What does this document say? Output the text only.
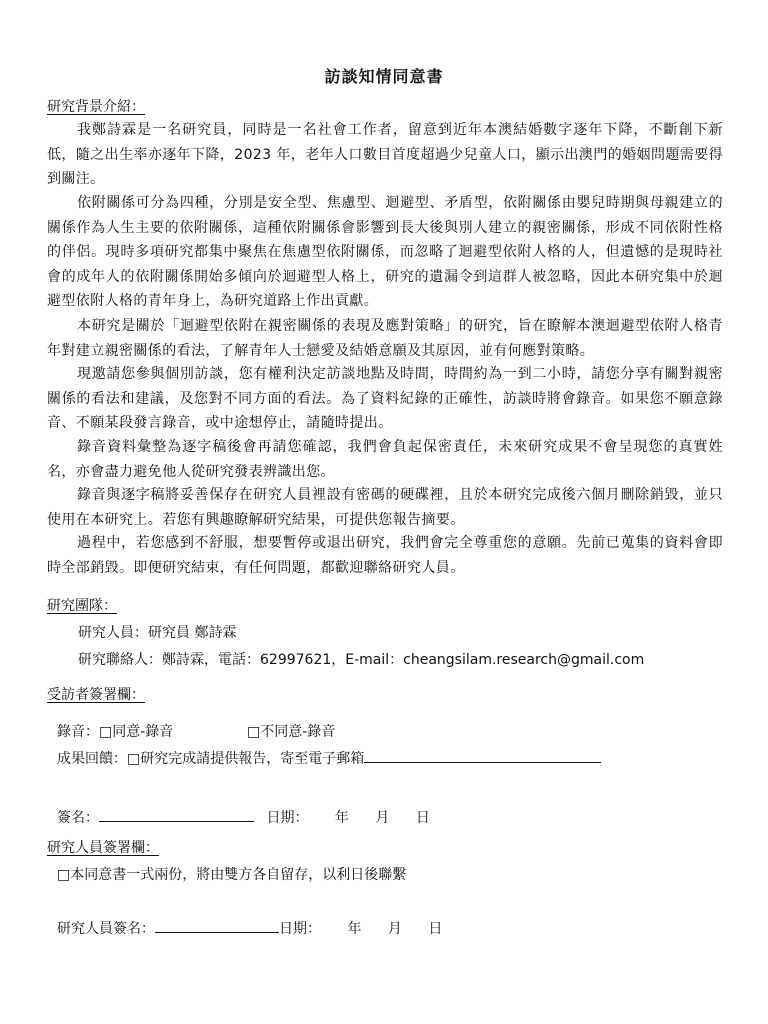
訪談知情同意書
研究背景介紹：
我鄭詩霖是一名研究員，同時是一名社會工作者，留意到近年本澳結婚數字逐年下降，不斷創下新低，隨之出生率亦逐年下降，2023 年，老年人口數目首度超過少兒童人口，顯示出澳門的婚姻問題需要得到關注。
依附關係可分為四種，分別是安全型、焦慮型、迴避型、矛盾型，依附關係由嬰兒時期與母親建立的關係作為人生主要的依附關係，這種依附關係會影響到長大後與別人建立的親密關係，形成不同依附性格的伴侶。現時多項研究都集中聚焦在焦慮型依附關係，而忽略了迴避型依附人格的人，但遺憾的是現時社會的成年人的依附關係開始多傾向於迴避型人格上，研究的遺漏令到這群人被忽略，因此本研究集中於迴避型依附人格的青年身上，為研究道路上作出貢獻。
本研究是關於「迴避型依附在親密關係的表現及應對策略」的研究，旨在瞭解本澳迴避型依附人格青年對建立親密關係的看法，了解青年人士戀愛及結婚意願及其原因，並有何應對策略。
現邀請您參與個別訪談，您有權利決定訪談地點及時間，時間約為一到二小時，請您分享有關對親密關係的看法和建議，及您對不同方面的看法。為了資料紀錄的正確性，訪談時將會錄音。如果您不願意錄音、不願某段發言錄音，或中途想停止，請隨時提出。
錄音資料彙整為逐字稿後會再請您確認，我們會負起保密責任，未來研究成果不會呈現您的真實姓名，亦會盡力避免他人從研究發表辨識出您。
錄音與逐字稿將妥善保存在研究人員裡設有密碼的硬碟裡，且於本研究完成後六個月刪除銷毀，並只使用在本研究上。若您有興趣瞭解研究結果，可提供您報告摘要。
過程中，若您感到不舒服，想要暫停或退出研究，我們會完全尊重您的意願。先前已蒐集的資料會即時全部銷毀。即便研究結束，有任何問題，都歡迎聯絡研究人員。
研究團隊：
研究人員：研究員 鄭詩霖
研究聯絡人：鄭詩霖，電話：62997621，E-mail：cheangsilam.research@gmail.com
受訪者簽署欄：
錄音：□同意-錄音	□不同意-錄音
成果回饋：□研究完成請提供報告，寄至電子郵箱
簽名：	日期： 年 月 日
研究人員簽署欄：
□本同意書一式兩份，將由雙方各自留存，以利日後聯繫
研究人員簽名：	日期： 年 月 日
